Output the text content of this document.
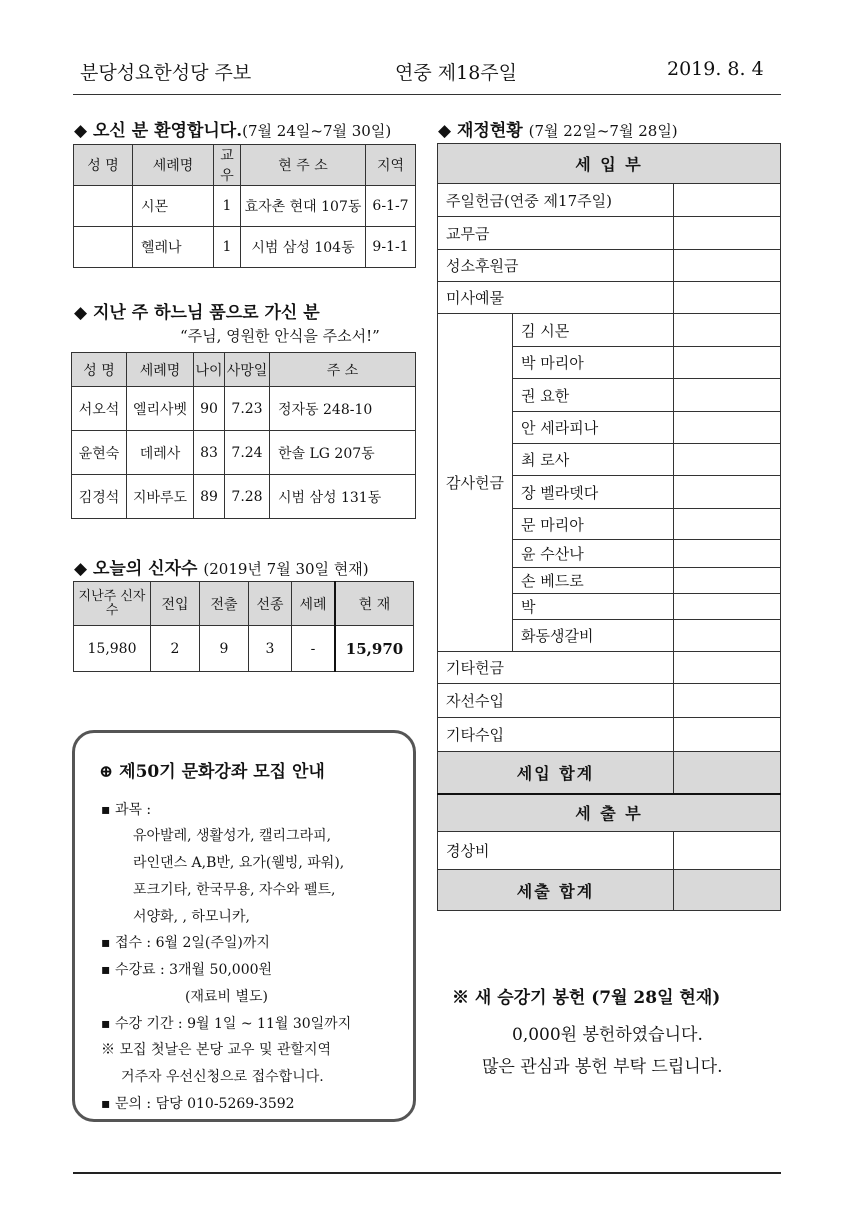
분당성요한성당 주보	연중 제18주일	2019. 8. 4
◆ 오신 분 환영합니다.(7월 24일~7월 30일)
성 명	세례명	교우	현 주 소	지역
	시몬	1	효자촌 현대 107동	6-1-7
	헬레나	1	시범 삼성 104동	9-1-1
◆ 지난 주 하느님 품으로 가신 분
“주님, 영원한 안식을 주소서!”
성 명	세례명	나이	사망일	주 소
서오석	엘리사벳	90	7.23	정자동 248-10
윤현숙	데레사	83	7.24	한솔 LG 207동
김경석	지바루도	89	7.28	시범 삼성 131동
◆ 오늘의 신자수 (2019년 7월 30일 현재)
지난주 신자수	전입	전출	선종	세례	현 재
15,980	2	9	3	-	15,970
⊕ 제50기 문화강좌 모집 안내
▪ 과목 :
유아발레, 생활성가, 캘리그라피,
라인댄스 A,B반, 요가(웰빙, 파워),
포크기타, 한국무용, 자수와 펠트,
서양화, , 하모니카,
▪ 접수 : 6월 2일(주일)까지
▪ 수강료 : 3개월 50,000원
(재료비 별도)
▪ 수강 기간 : 9월 1일 ~ 11월 30일까지
※ 모집 첫날은 본당 교우 및 관할지역
거주자 우선신청으로 접수합니다.
▪ 문의 : 담당 010-5269-3592
◆ 재정현황 (7월 22일~7월 28일)
세 입 부		
주일헌금(연중 제17주일)		
교무금		
성소후원금		
미사예물		
감사헌금	김 시몬	
	박 마리아	
	권 요한	
	안 세라피나	
	최 로사	
	장 벨라뎃다	
	문 마리아	
	윤 수산나	
	손 베드로	
	박	
	화동생갈비	
기타헌금		
자선수입		
기타수입		
세입 합계		
세 출 부		
경상비		
세출 합계		
※ 새 승강기 봉헌 (7월 28일 현재)
0,000원 봉헌하였습니다.
많은 관심과 봉헌 부탁 드립니다.
